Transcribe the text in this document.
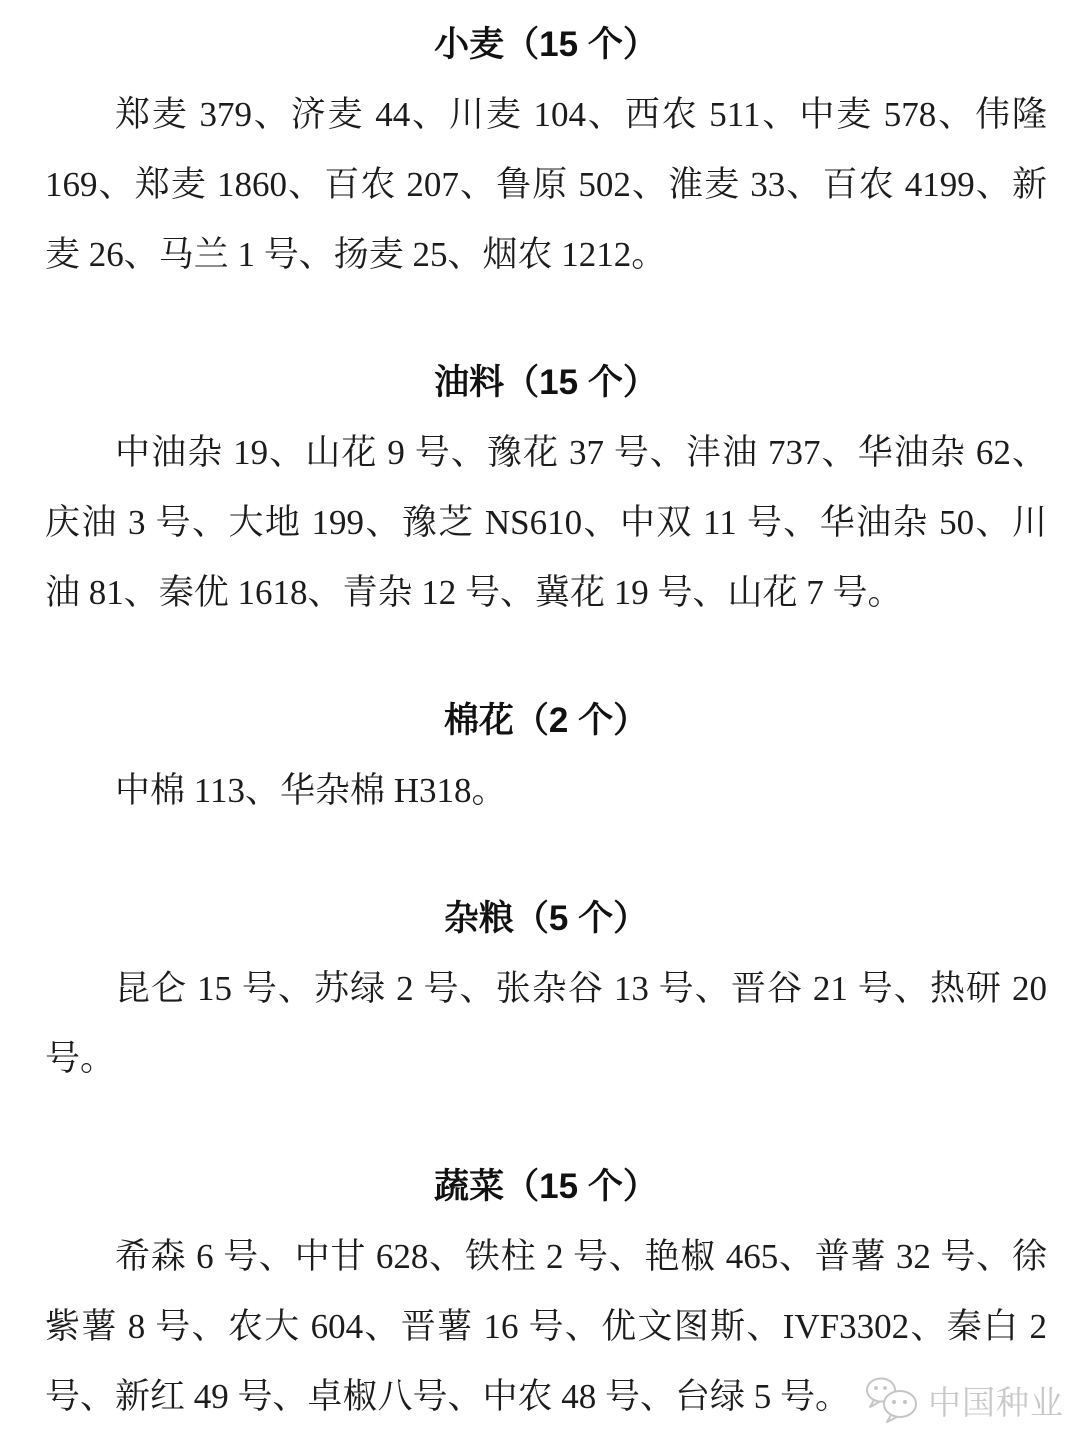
小麦（15 个）

郑麦 379、济麦 44、川麦 104、西农 511、中麦 578、伟隆

169、郑麦 1860、百农 207、鲁原 502、淮麦 33、百农 4199、新

麦 26、马兰 1 号、扬麦 25、烟农 1212。

油料（15 个）

中油杂 19、山花 9 号、豫花 37 号、沣油 737、华油杂 62、

庆油 3 号、大地 199、豫芝 NS610、中双 11 号、华油杂 50、川

油 81、秦优 1618、青杂 12 号、冀花 19 号、山花 7 号。

棉花（2 个）

中棉 113、华杂棉 H318。

杂粮（5 个）

昆仑 15 号、苏绿 2 号、张杂谷 13 号、晋谷 21 号、热研 20

号。

蔬菜（15 个）

希森 6 号、中甘 628、铁柱 2 号、艳椒 465、普薯 32 号、徐

紫薯 8 号、农大 604、晋薯 16 号、优文图斯、IVF3302、秦白 2

号、新红 49 号、卓椒八号、中农 48 号、台绿 5 号。	中国种业
